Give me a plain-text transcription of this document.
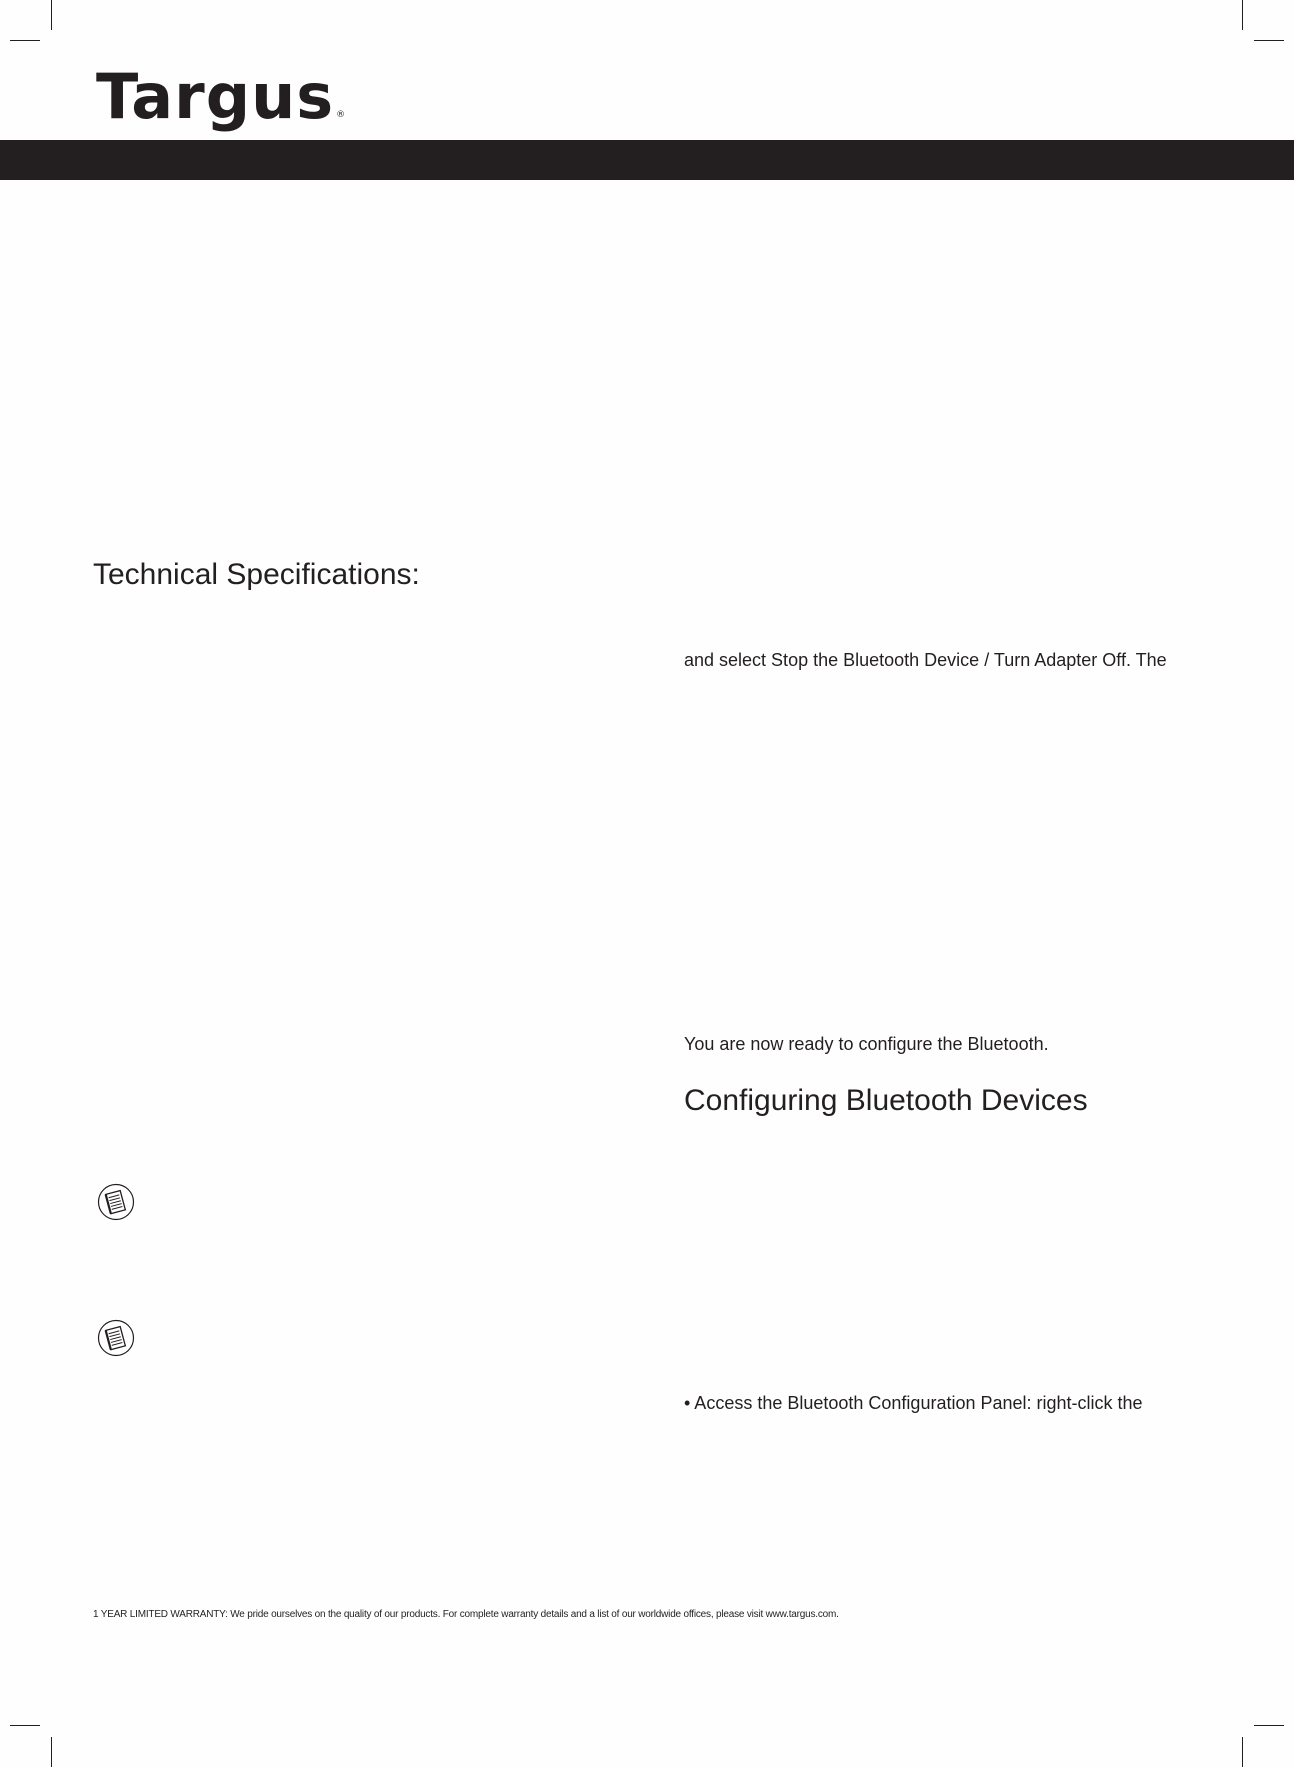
Targus ®
Technical Specifications:
and select Stop the Bluetooth Device / Turn Adapter Off. The
You are now ready to configure the Bluetooth.
Configuring Bluetooth Devices
• Access the Bluetooth Configuration Panel: right-click the
1 YEAR LIMITED WARRANTY: We pride ourselves on the quality of our products. For complete warranty details and a list of our worldwide offices, please visit www.targus.com.
